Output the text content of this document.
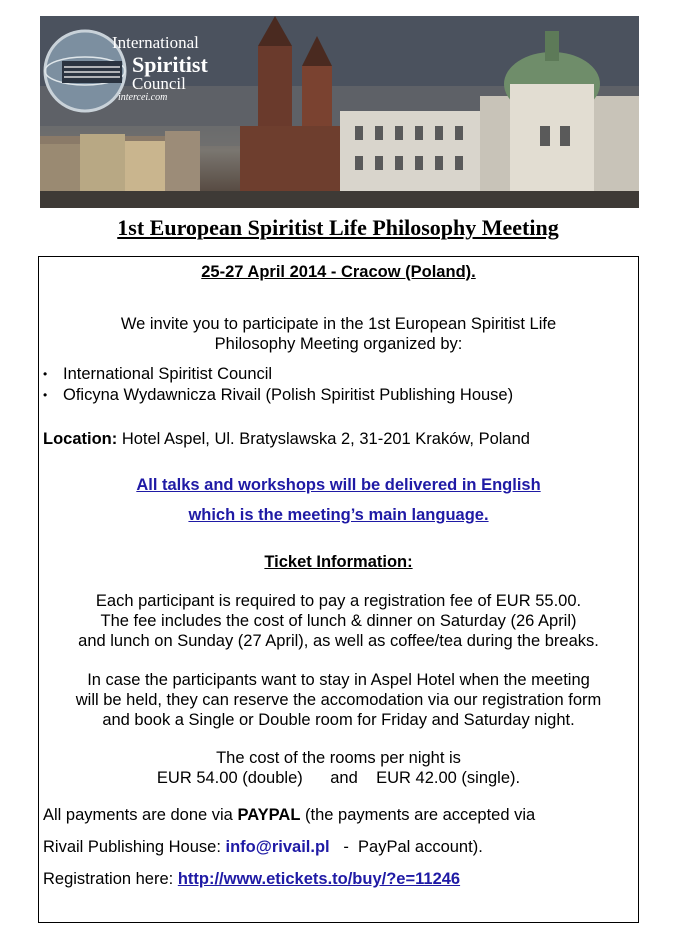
International
Spiritist
Council
intercei.com
1st European Spiritist Life Philosophy Meeting
25-27 April 2014 - Cracow (Poland).
We invite you to participate in the 1st European Spiritist Life
Philosophy Meeting organized by:
• International Spiritist Council
• Oficyna Wydawnicza Rivail (Polish Spiritist Publishing House)
Location: Hotel Aspel, Ul. Bratyslawska 2, 31-201 Kraków, Poland
All talks and workshops will be delivered in English
which is the meeting’s main language.
Ticket Information:
Each participant is required to pay a registration fee of EUR 55.00.
The fee includes the cost of lunch & dinner on Saturday (26 April)
and lunch on Sunday (27 April), as well as coffee/tea during the breaks.
In case the participants want to stay in Aspel Hotel when the meeting
will be held, they can reserve the accomodation via our registration form
and book a Single or Double room for Friday and Saturday night.
The cost of the rooms per night is
EUR 54.00 (double)      and    EUR 42.00 (single).
All payments are done via PAYPAL (the payments are accepted via
Rivail Publishing House: info@rivail.pl   -  PayPal account).
Registration here: http://www.etickets.to/buy/?e=11246
